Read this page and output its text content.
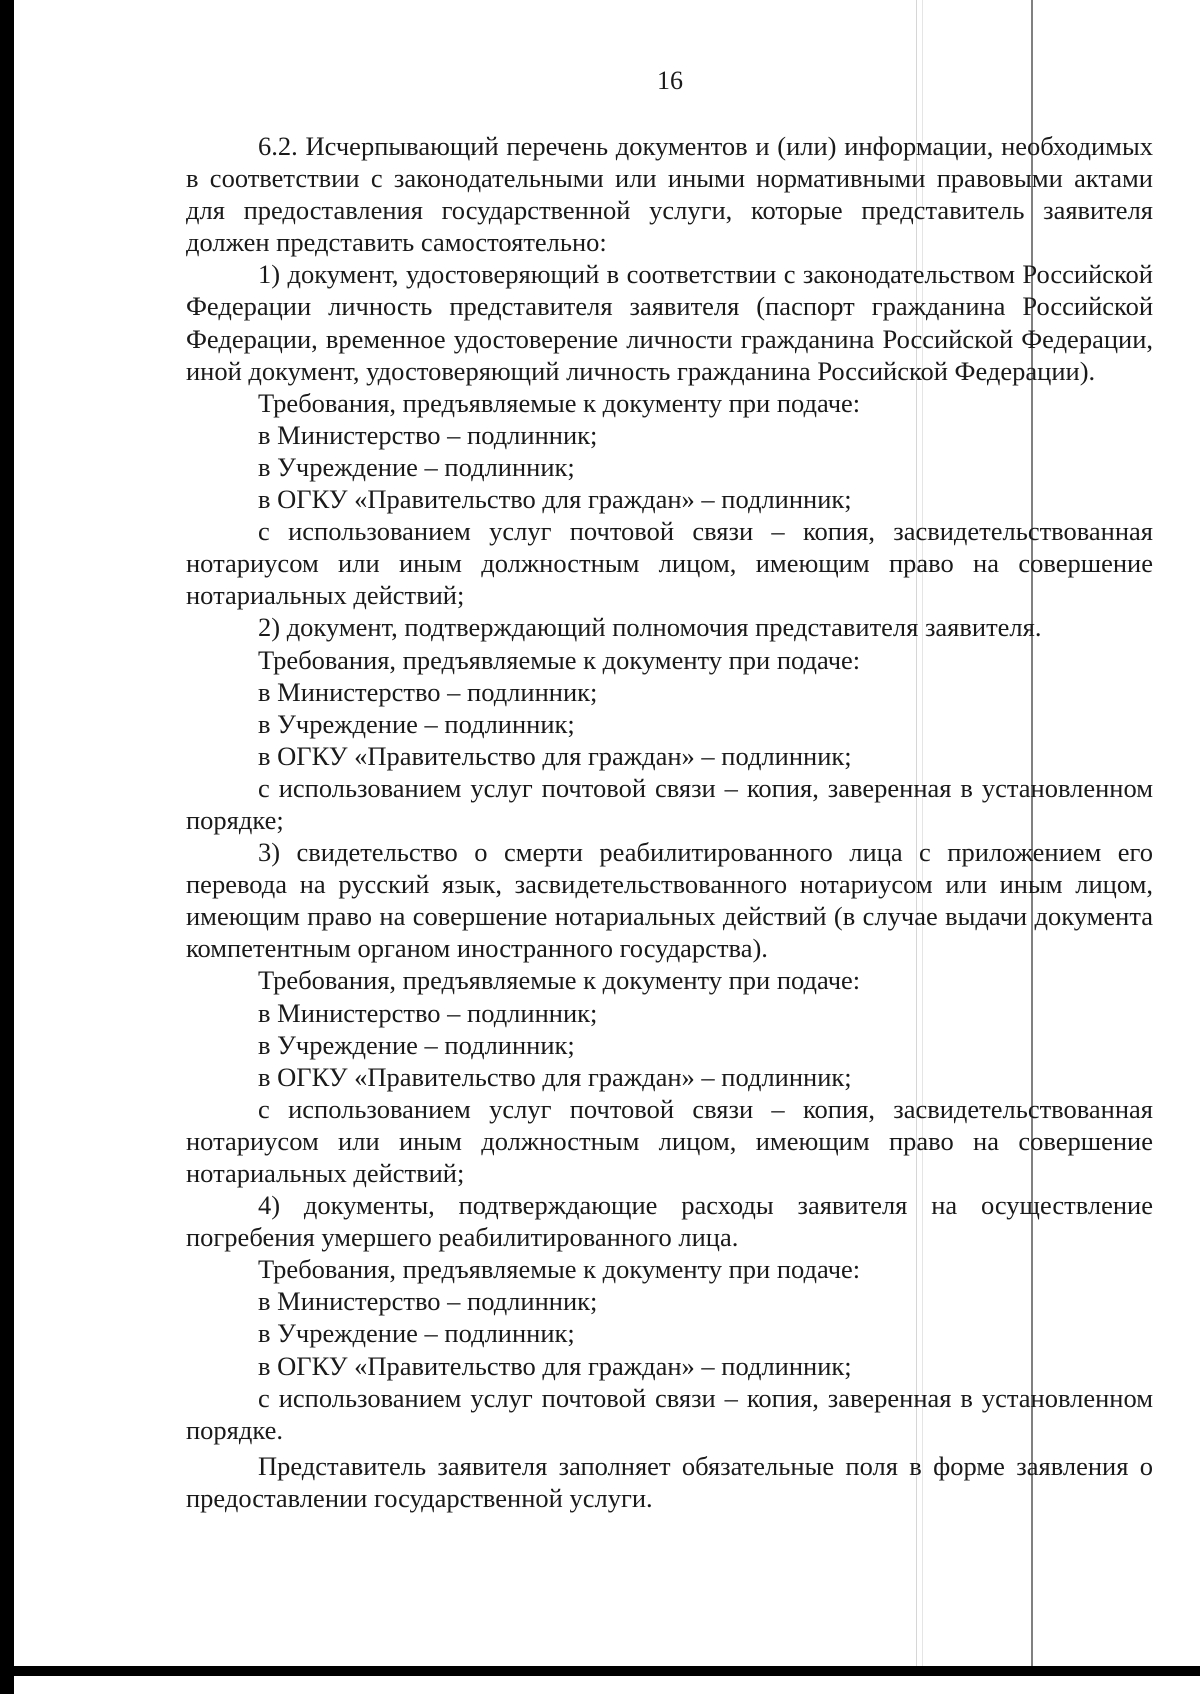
16

6.2. Исчерпывающий перечень документов и (или) информации, необходимых в соответствии с законодательными или иными нормативными правовыми актами для предоставления государственной услуги, которые представитель заявителя должен представить самостоятельно:

1) документ, удостоверяющий в соответствии с законодательством Российской Федерации личность представителя заявителя (паспорт гражданина Российской Федерации, временное удостоверение личности гражданина Российской Федерации, иной документ, удостоверяющий личность гражданина Российской Федерации).

Требования, предъявляемые к документу при подаче:

в Министерство – подлинник;

в Учреждение – подлинник;

в ОГКУ «Правительство для граждан» – подлинник;

с использованием услуг почтовой связи – копия, засвидетельствованная нотариусом или иным должностным лицом, имеющим право на совершение нотариальных действий;

2) документ, подтверждающий полномочия представителя заявителя.

Требования, предъявляемые к документу при подаче:

в Министерство – подлинник;

в Учреждение – подлинник;

в ОГКУ «Правительство для граждан» – подлинник;

с использованием услуг почтовой связи – копия, заверенная в установленном порядке;

3) свидетельство о смерти реабилитированного лица с приложением его перевода на русский язык, засвидетельствованного нотариусом или иным лицом, имеющим право на совершение нотариальных действий (в случае выдачи документа компетентным органом иностранного государства).

Требования, предъявляемые к документу при подаче:

в Министерство – подлинник;

в Учреждение – подлинник;

в ОГКУ «Правительство для граждан» – подлинник;

с использованием услуг почтовой связи – копия, засвидетельствованная нотариусом или иным должностным лицом, имеющим право на совершение нотариальных действий;

4) документы, подтверждающие расходы заявителя на осуществление погребения умершего реабилитированного лица.

Требования, предъявляемые к документу при подаче:

в Министерство – подлинник;

в Учреждение – подлинник;

в ОГКУ «Правительство для граждан» – подлинник;

с использованием услуг почтовой связи – копия, заверенная в установленном порядке.

Представитель заявителя заполняет обязательные поля в форме заявления о предоставлении государственной услуги.
